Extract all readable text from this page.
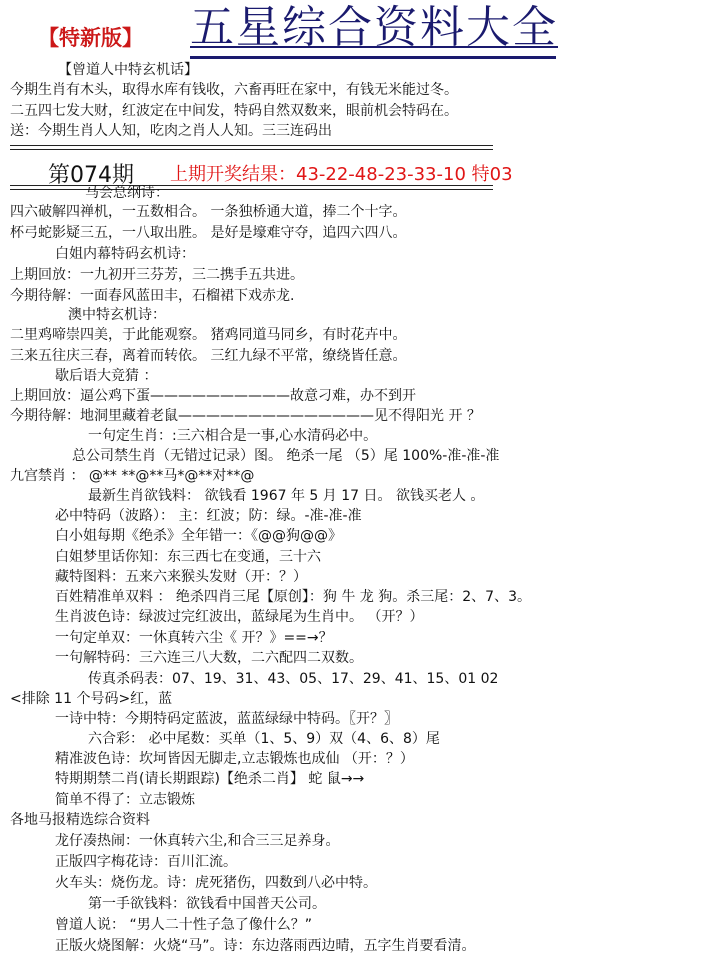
【特新版】 五星综合资料大全
【曾道人中特玄机话】
今期生肖有木头，取得水库有钱收，六畜再旺在家中，有钱无米能过冬。
二五四七发大财，红波定在中间发，特码自然双数来，眼前机会特码在。
送：今期生肖人人知，吃肉之肖人人知。三三连码出
第074期 上期开奖结果：43-22-48-23-33-10 特03
马会总纲诗：
四六破解四禅机，一五数相合。 一条独桥通大道，捧二个十字。
杯弓蛇影疑三五，一八取出胜。 是好是壕难守夺，追四六四八。
白姐内幕特码玄机诗：
上期回放：一九初开三芬芳，三二携手五共进。
今期待解：一面春风蓝田丰，石榴裙下戏赤龙.
澳中特玄机诗：
二里鸡啼崇四美，于此能观察。 猪鸡同道马同乡，有时花卉中。
三来五往庆三春，离着而转依。 三红九绿不平常，缭绕皆任意。
歇后语大竞猜 ：
上期回放：逼公鸡下蛋——————————故意刁难，办不到开
今期待解：地洞里藏着老鼠——————————————见不得阳光 开 ？
一句定生肖：:三六相合是一事,心水清码必中。
总公司禁生肖（无错过记录）图。 绝杀一尾 （5）尾 100%-准-准-准
九宫禁肖 ： @** **@**马*@**对**@
最新生肖欲钱料： 欲钱看 1967 年 5 月 17 日。 欲钱买老人 。
必中特码（波路）： 主：红波；防：绿。-准-准-准
白小姐每期《绝杀》全年错一：《@@狗@@》
白姐梦里话你知：东三西七在变通，三十六
藏特图料：五来六来猴头发财（开：？）
百姓精准单双料 ： 绝杀四肖三尾【原创】：狗 牛 龙 狗。杀三尾：2、7、3。
生肖波色诗：绿波过完红波出，蓝绿尾为生肖中。 （开？）
一句定单双：一休真转六尘《 开？》==→？
一句解特码：三六连三八大数，二六配四二双数。
传真杀码表：07、19、31、43、05、17、29、41、15、01 02
<排除 11 个号码>红，蓝
一诗中特：今期特码定蓝波，蓝蓝绿绿中特码。〖开？〗
六合彩： 必中尾数：买单（1、5、9）双（4、6、8）尾
精准波色诗：坎坷皆因无脚走,立志锻炼也成仙 （开：？）
特期期禁二肖(请长期跟踪)【绝杀二肖】 蛇 鼠→→
简单不得了：立志锻炼
各地马报精选综合资料
龙仔凑热闹：一休真转六尘,和合三三足养身。
正版四字梅花诗：百川汇流。
火车头：烧伤龙。诗：虎死猪伤，四数到八必中特。
第一手欲钱料：欲钱看中国普天公司。
曾道人说： “男人二十性子急了像什么？”
正版火烧图解：火烧“马”。诗：东边落雨西边晴，五字生肖要看清。
